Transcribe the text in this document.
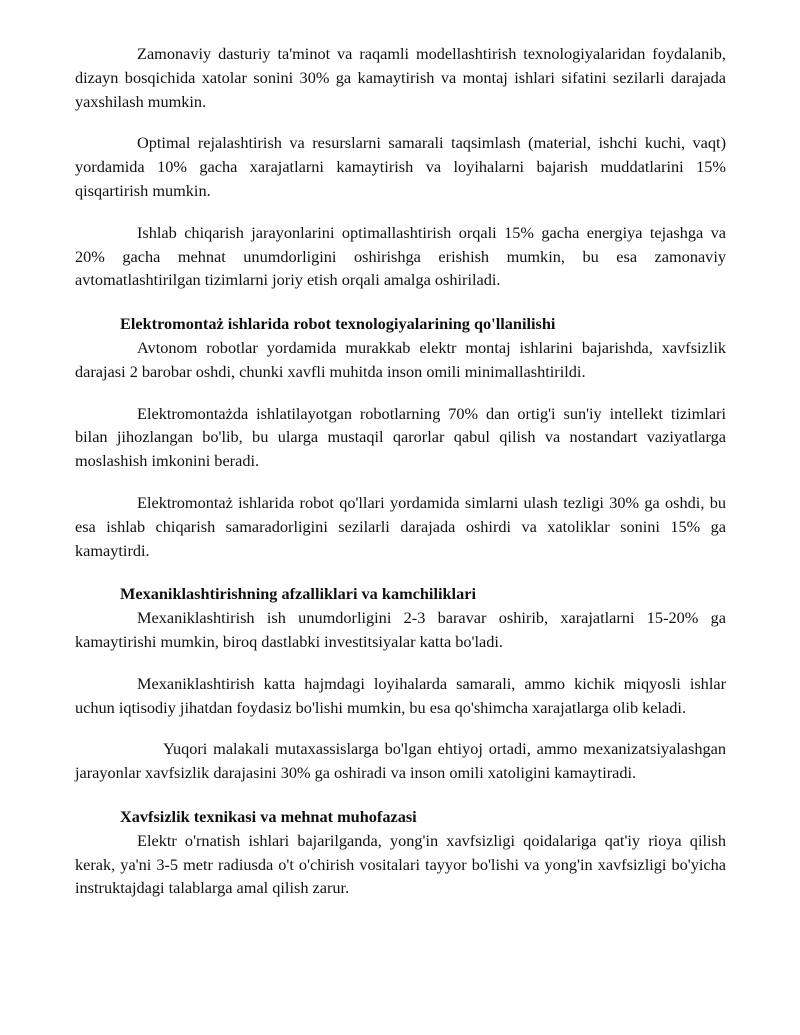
Zamonaviy dasturiy ta'minot va raqamli modellashtirish texnologiyalaridan foydalanib, dizayn bosqichida xatolar sonini 30% ga kamaytirish va montaj ishlari sifatini sezilarli darajada yaxshilash mumkin.

Optimal rejalashtirish va resurslarni samarali taqsimlash (material, ishchi kuchi, vaqt) yordamida 10% gacha xarajatlarni kamaytirish va loyihalarni bajarish muddatlarini 15% qisqartirish mumkin.

Ishlab chiqarish jarayonlarini optimallashtirish orqali 15% gacha energiya tejashga va 20% gacha mehnat unumdorligini oshirishga erishish mumkin, bu esa zamonaviy avtomatlashtirilgan tizimlarni joriy etish orqali amalga oshiriladi.

Elektromontaż ishlarida robot texnologiyalarining qo'llanilishi

Avtonom robotlar yordamida murakkab elektr montaj ishlarini bajarishda, xavfsizlik darajasi 2 barobar oshdi, chunki xavfli muhitda inson omili minimallashtirildi.

Elektromontażda ishlatilayotgan robotlarning 70% dan ortig'i sun'iy intellekt tizimlari bilan jihozlangan bo'lib, bu ularga mustaqil qarorlar qabul qilish va nostandart vaziyatlarga moslashish imkonini beradi.

Elektromontaż ishlarida robot qo'llari yordamida simlarni ulash tezligi 30% ga oshdi, bu esa ishlab chiqarish samaradorligini sezilarli darajada oshirdi va xatoliklar sonini 15% ga kamaytirdi.

Mexaniklashtirishning afzalliklari va kamchiliklari

Mexaniklashtirish ish unumdorligini 2-3 baravar oshirib, xarajatlarni 15-20% ga kamaytirishi mumkin, biroq dastlabki investitsiyalar katta bo'ladi.

Mexaniklashtirish katta hajmdagi loyihalarda samarali, ammo kichik miqyosli ishlar uchun iqtisodiy jihatdan foydasiz bo'lishi mumkin, bu esa qo'shimcha xarajatlarga olib keladi.

Yuqori malakali mutaxassislarga bo'lgan ehtiyoj ortadi, ammo mexanizatsiyalashgan jarayonlar xavfsizlik darajasini 30% ga oshiradi va inson omili xatoligini kamaytiradi.

Xavfsizlik texnikasi va mehnat muhofazasi

Elektr o'rnatish ishlari bajarilganda, yong'in xavfsizligi qoidalariga qat'iy rioya qilish kerak, ya'ni 3-5 metr radiusda o't o'chirish vositalari tayyor bo'lishi va yong'in xavfsizligi bo'yicha instruktajdagi talablarga amal qilish zarur.
